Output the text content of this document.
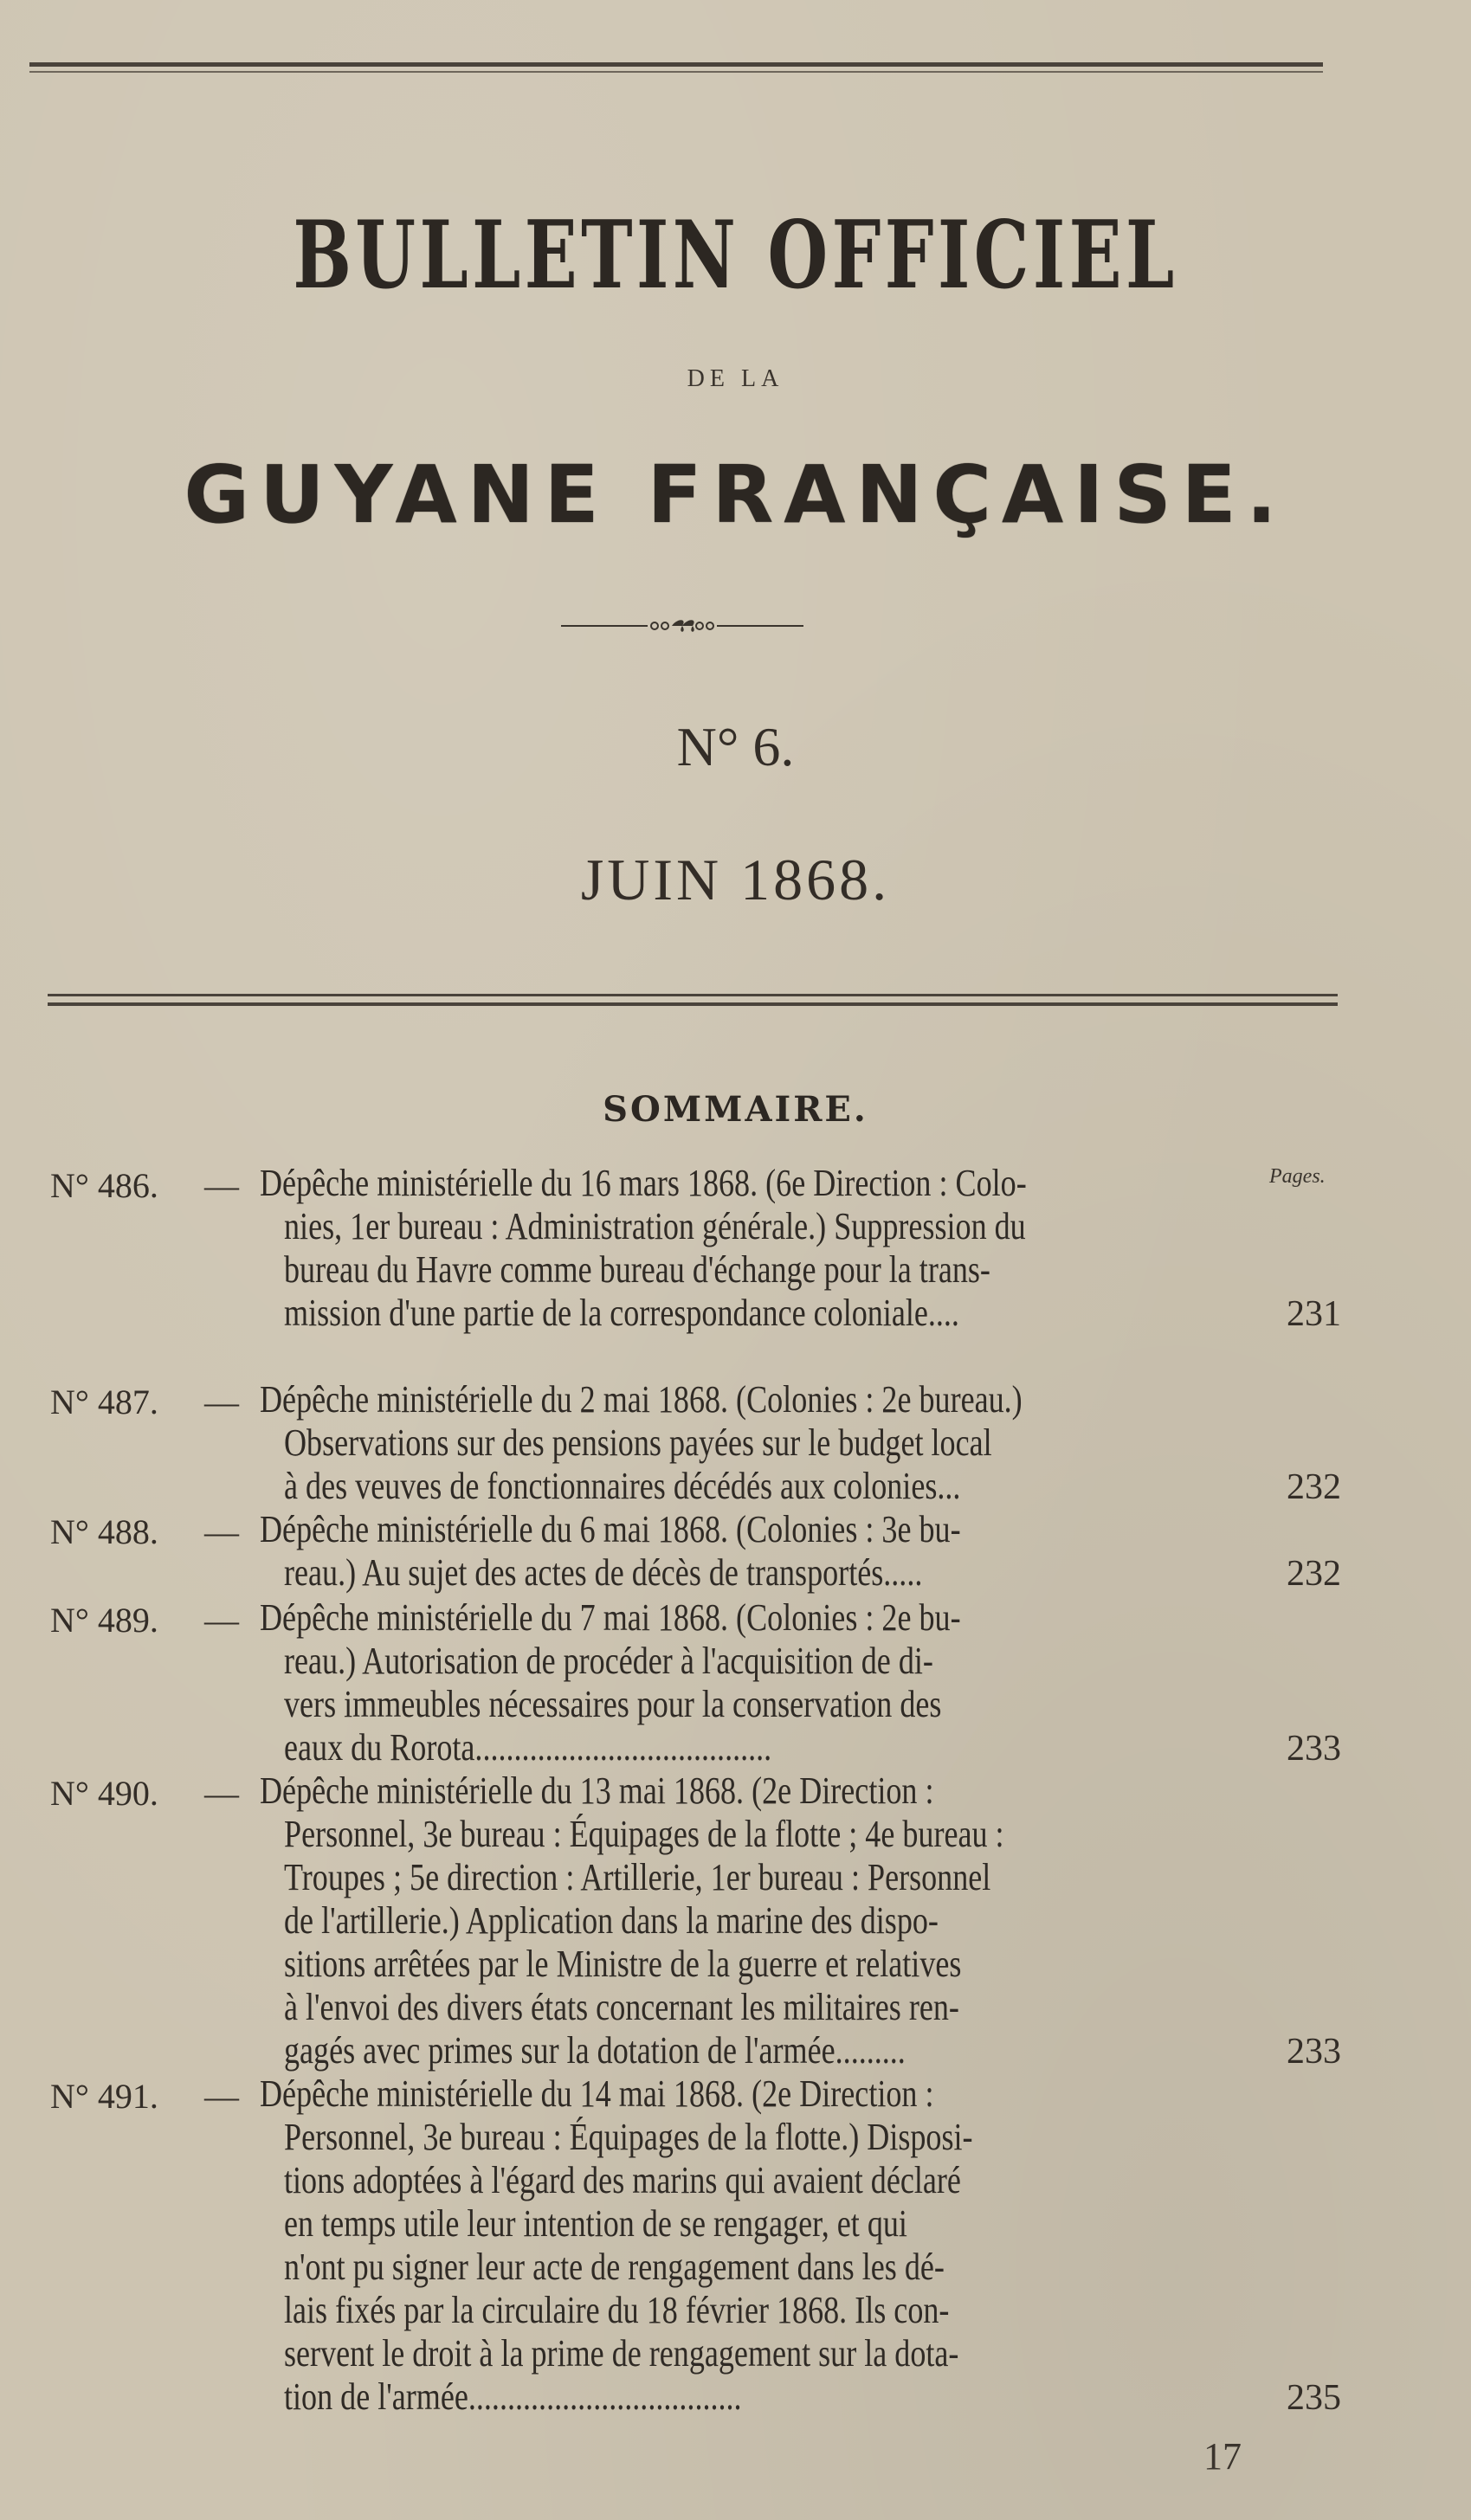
BULLETIN OFFICIEL
DE LA
GUYANE FRANÇAISE.
N° 6.
JUIN 1868.
SOMMAIRE.
Pages.
N° 486. — Dépêche ministérielle du 16 mars 1868. (6e Direction : Colo-
nies, 1er bureau : Administration générale.) Suppression du
bureau du Havre comme bureau d'échange pour la trans-
mission d'une partie de la correspondance coloniale....	231
N° 487. — Dépêche ministérielle du 2 mai 1868. (Colonies : 2e bureau.)
Observations sur des pensions payées sur le budget local
à des veuves de fonctionnaires décédés aux colonies...	232
N° 488. — Dépêche ministérielle du 6 mai 1868. (Colonies : 3e bu-
reau.) Au sujet des actes de décès de transportés.....	232
N° 489. — Dépêche ministérielle du 7 mai 1868. (Colonies : 2e bu-
reau.) Autorisation de procéder à l'acquisition de di-
vers immeubles nécessaires pour la conservation des
eaux du Rorota......................................	233
N° 490. — Dépêche ministérielle du 13 mai 1868. (2e Direction :
Personnel, 3e bureau : Équipages de la flotte ; 4e bureau :
Troupes ; 5e direction : Artillerie, 1er bureau : Personnel
de l'artillerie.) Application dans la marine des dispo-
sitions arrêtées par le Ministre de la guerre et relatives
à l'envoi des divers états concernant les militaires ren-
gagés avec primes sur la dotation de l'armée.........	233
N° 491. — Dépêche ministérielle du 14 mai 1868. (2e Direction :
Personnel, 3e bureau : Équipages de la flotte.) Disposi-
tions adoptées à l'égard des marins qui avaient déclaré
en temps utile leur intention de se rengager, et qui
n'ont pu signer leur acte de rengagement dans les dé-
lais fixés par la circulaire du 18 février 1868. Ils con-
servent le droit à la prime de rengagement sur la dota-
tion de l'armée...................................	235
17
